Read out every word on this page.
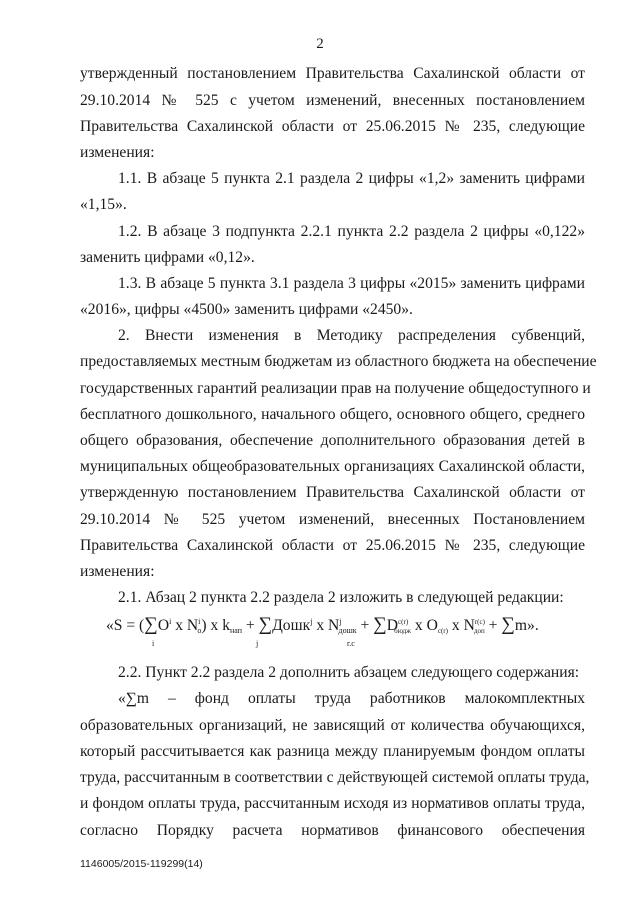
2
утвержденный постановлением Правительства Сахалинской области от
29.10.2014 № 525 с учетом изменений, внесенных постановлением
Правительства Сахалинской области от 25.06.2015 № 235, следующие
изменения:
1.1. В абзаце 5 пункта 2.1 раздела 2 цифры «1,2» заменить цифрами
«1,15».
1.2. В абзаце 3 подпункта 2.2.1 пункта 2.2 раздела 2 цифры «0,122»
заменить цифрами «0,12».
1.3. В абзаце 5 пункта 3.1 раздела 3 цифры «2015» заменить цифрами
«2016», цифры «4500» заменить цифрами «2450».
2. Внести изменения в Методику распределения субвенций,
предоставляемых местным бюджетам из областного бюджета на обеспечение
государственных гарантий реализации прав на получение общедоступного и
бесплатного дошкольного, начального общего, основного общего, среднего
общего образования, обеспечение дополнительного образования детей в
муниципальных общеобразовательных организациях Сахалинской области,
утвержденную постановлением Правительства Сахалинской области от
29.10.2014 № 525 учетом изменений, внесенных Постановлением
Правительства Сахалинской области от 25.06.2015 № 235, следующие
изменения:
2.1. Абзац 2 пункта 2.2 раздела 2 изложить в следующей редакции:
«$S = (\sum O^i$ x $N^i$ o) x kнап + ∑Дошк$^j$ x $N^j$ дошк + $\sum D^{c(r)}$ бюдж x Oc(r) x $N^{r(c)}$ доп + ∑m».
i	j	r.c
2.2. Пункт 2.2 раздела 2 дополнить абзацем следующего содержания:
«∑m – фонд оплаты труда работников малокомплектных
образовательных организаций, не зависящий от количества обучающихся,
который рассчитывается как разница между планируемым фондом оплаты
труда, рассчитанным в соответствии с действующей системой оплаты труда,
и фондом оплаты труда, рассчитанным исходя из нормативов оплаты труда,
согласно Порядку расчета нормативов финансового обеспечения
1146005/2015-119299(14)
